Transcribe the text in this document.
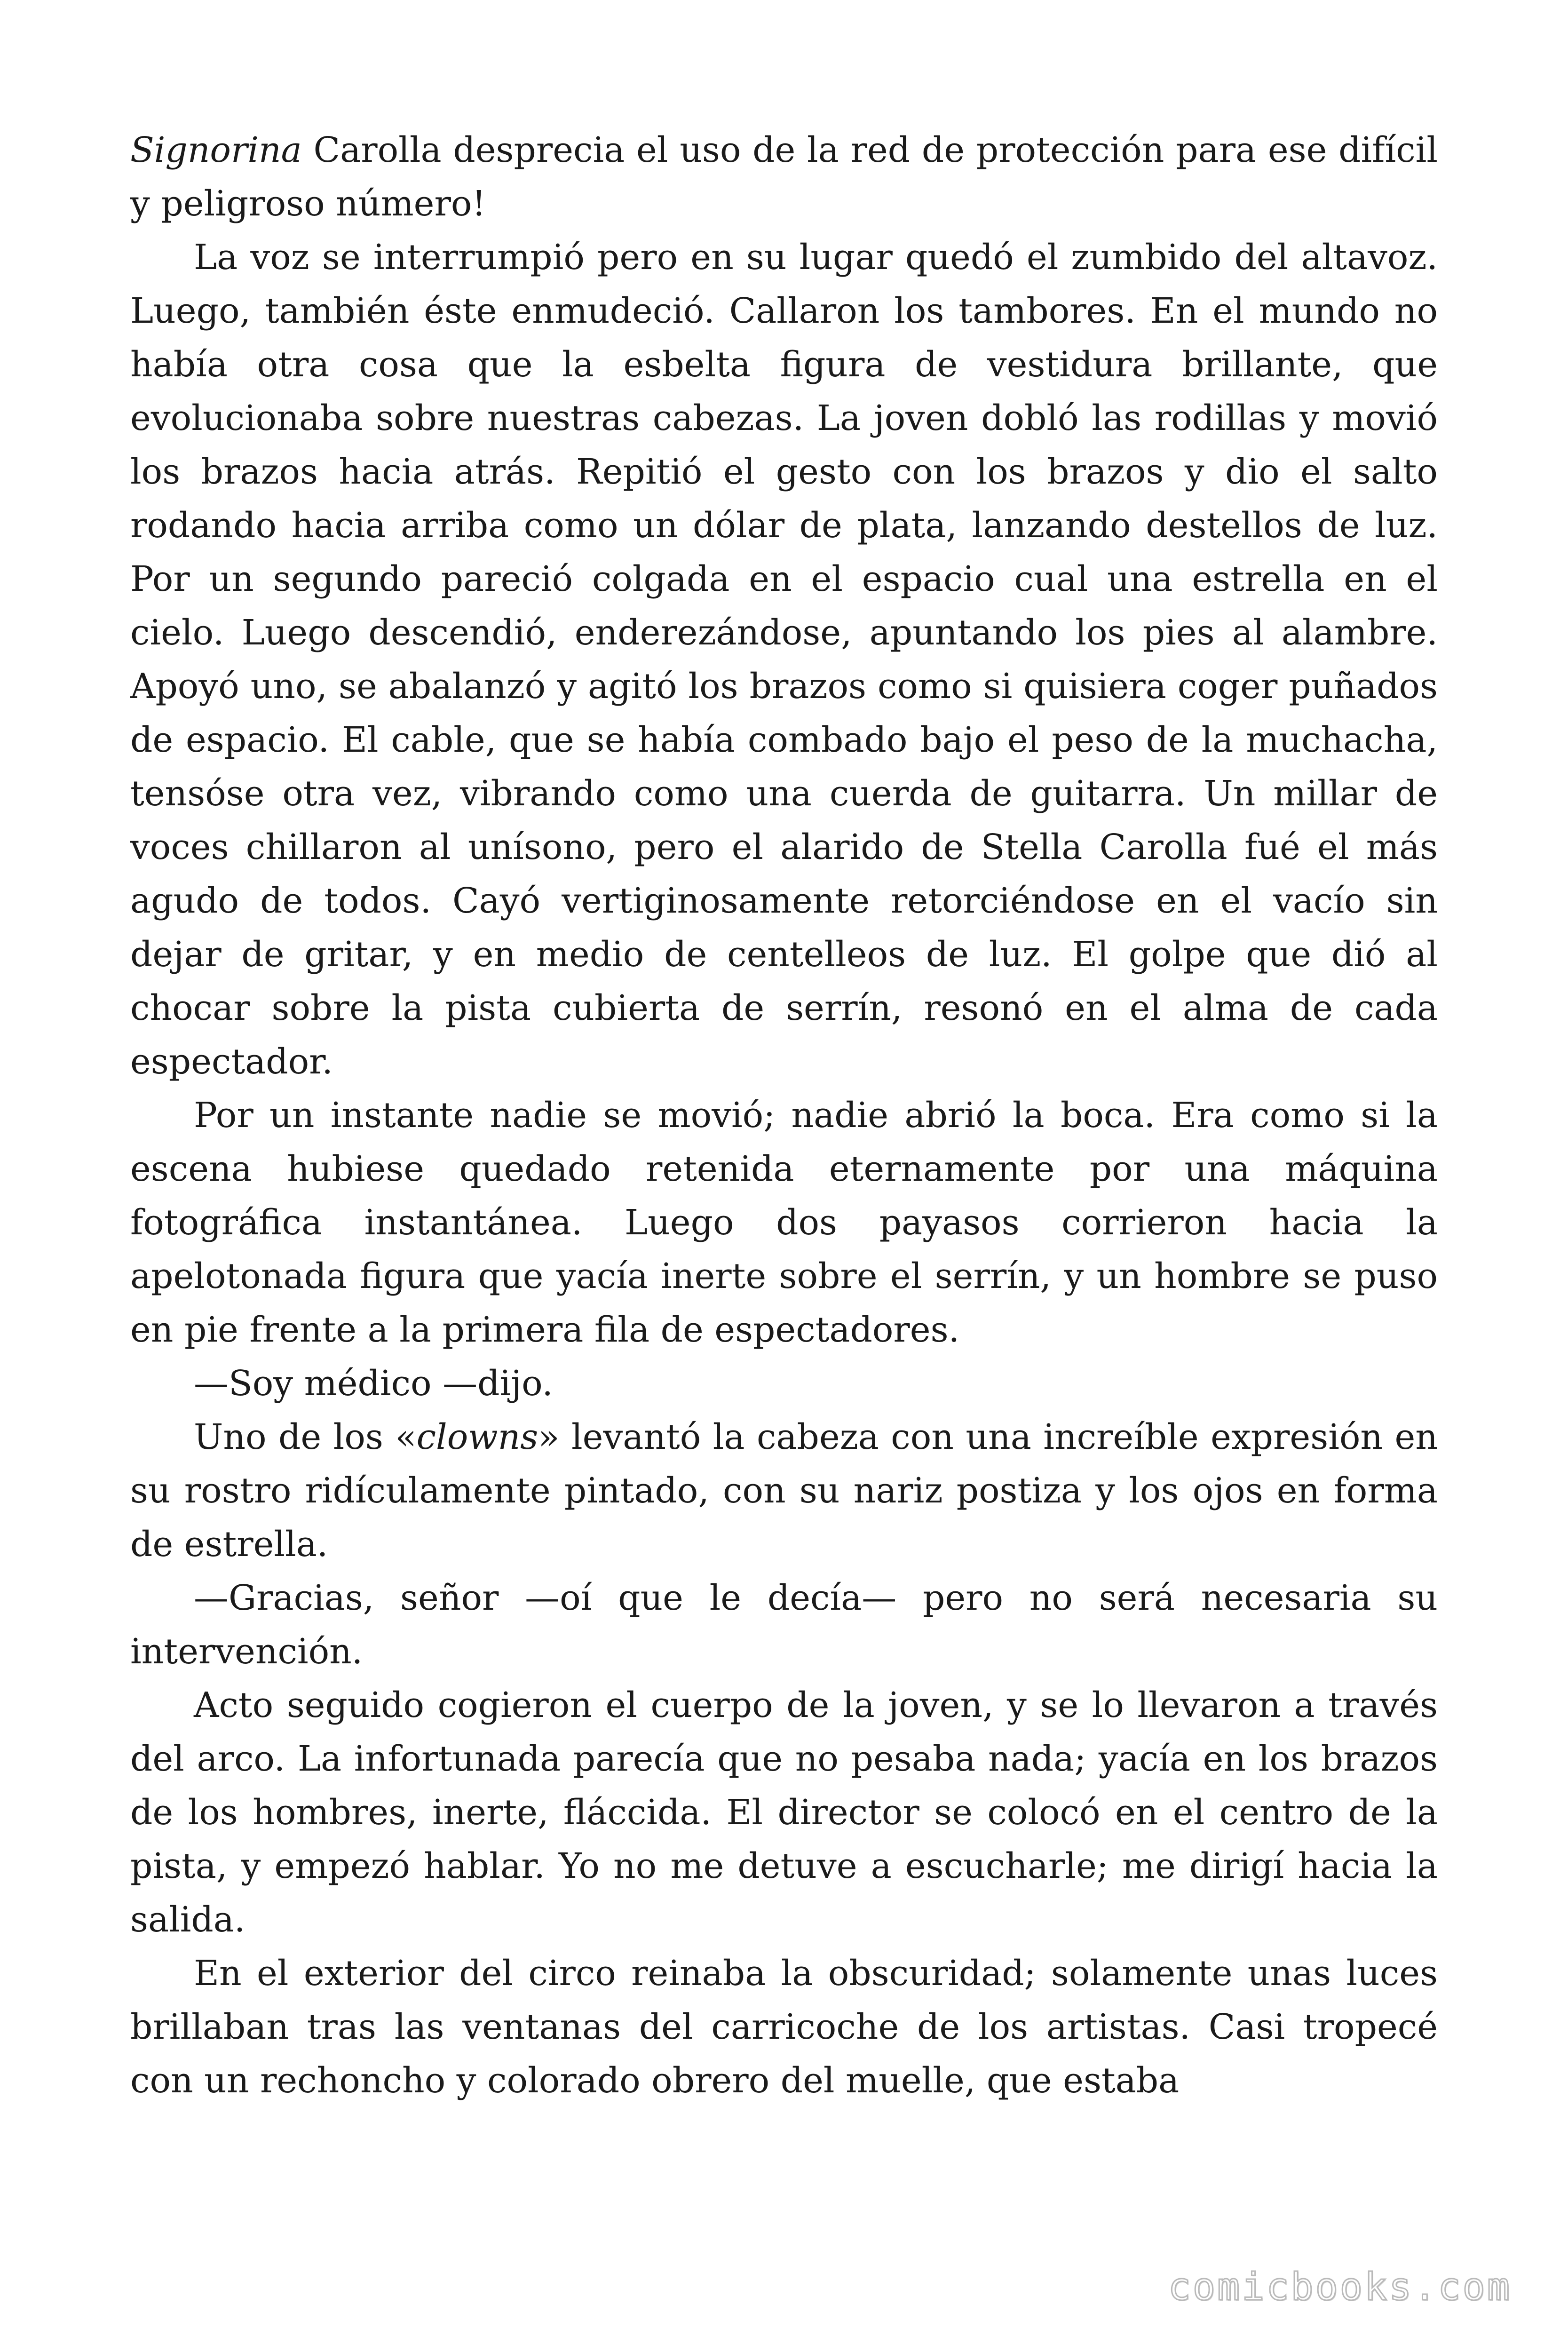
Signorina Carolla desprecia el uso de la red de protección para ese difícil y peligroso número!

La voz se interrumpió pero en su lugar quedó el zumbido del altavoz. Luego, también éste enmudeció. Callaron los tambores. En el mundo no había otra cosa que la esbelta figura de vestidura brillante, que evolucionaba sobre nuestras cabezas. La joven dobló las rodillas y movió los brazos hacia atrás. Repitió el gesto con los brazos y dio el salto rodando hacia arriba como un dólar de plata, lanzando destellos de luz. Por un segundo pareció colgada en el espacio cual una estrella en el cielo. Luego descendió, enderezándose, apuntando los pies al alambre. Apoyó uno, se abalanzó y agitó los brazos como si quisiera coger puñados de espacio. El cable, que se había combado bajo el peso de la muchacha, tensóse otra vez, vibrando como una cuerda de guitarra. Un millar de voces chillaron al unísono, pero el alarido de Stella Carolla fué el más agudo de todos. Cayó vertiginosamente retorciéndose en el vacío sin dejar de gritar, y en medio de centelleos de luz. El golpe que dió al chocar sobre la pista cubierta de serrín, resonó en el alma de cada espectador.

Por un instante nadie se movió; nadie abrió la boca. Era como si la escena hubiese quedado retenida eternamente por una máquina fotográfica instantánea. Luego dos payasos corrieron hacia la apelotonada figura que yacía inerte sobre el serrín, y un hombre se puso en pie frente a la primera fila de espectadores.

—Soy médico —dijo.

Uno de los «clowns» levantó la cabeza con una increíble expresión en su rostro ridículamente pintado, con su nariz postiza y los ojos en forma de estrella.

—Gracias, señor —oí que le decía— pero no será necesaria su intervención.

Acto seguido cogieron el cuerpo de la joven, y se lo llevaron a través del arco. La infortunada parecía que no pesaba nada; yacía en los brazos de los hombres, inerte, fláccida. El director se colocó en el centro de la pista, y empezó hablar. Yo no me detuve a escucharle; me dirigí hacia la salida.

En el exterior del circo reinaba la obscuridad; solamente unas luces brillaban tras las ventanas del carricoche de los artistas. Casi tropecé con un rechoncho y colorado obrero del muelle, que estaba

comicbooks.com
